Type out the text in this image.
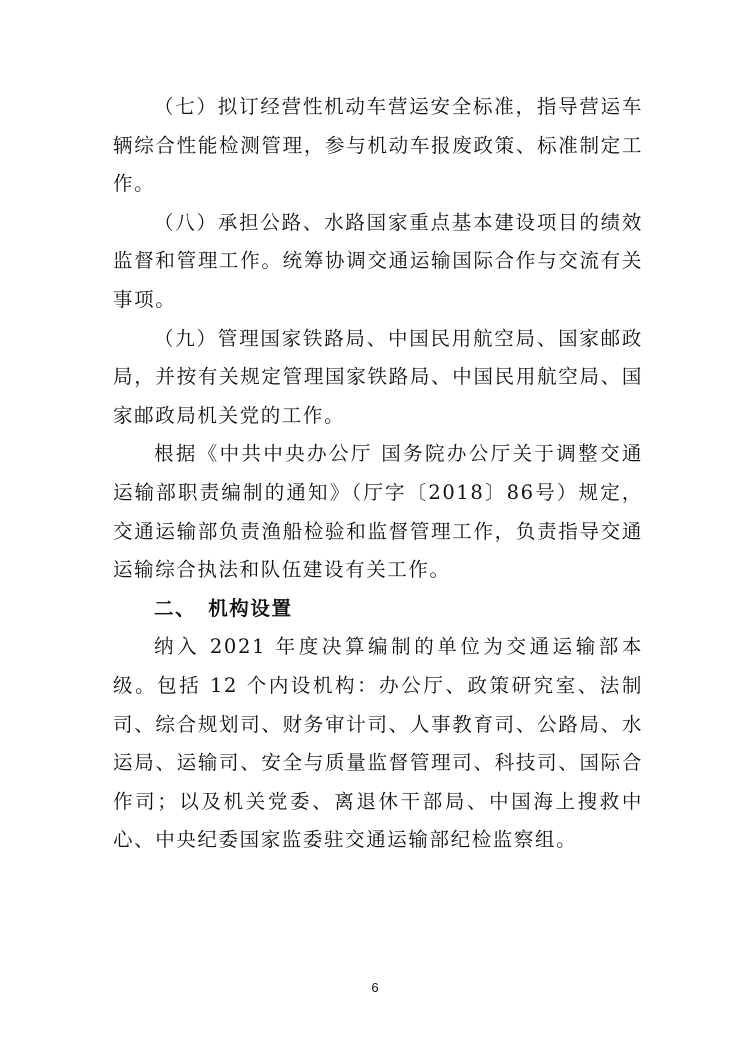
（七）拟订经营性机动车营运安全标准，指导营运车辆综合性能检测管理，参与机动车报废政策、标准制定工作。

（八）承担公路、水路国家重点基本建设项目的绩效监督和管理工作。统筹协调交通运输国际合作与交流有关事项。

（九）管理国家铁路局、中国民用航空局、国家邮政局，并按有关规定管理国家铁路局、中国民用航空局、国家邮政局机关党的工作。

根据《中共中央办公厅 国务院办公厅关于调整交通运输部职责编制的通知》（厅字〔2018〕86号）规定，交通运输部负责渔船检验和监督管理工作，负责指导交通运输综合执法和队伍建设有关工作。

二、 机构设置

纳入 2021 年度决算编制的单位为交通运输部本级。包括 12 个内设机构：办公厅、政策研究室、法制司、综合规划司、财务审计司、人事教育司、公路局、水运局、运输司、安全与质量监督管理司、科技司、国际合作司；以及机关党委、离退休干部局、中国海上搜救中心、中央纪委国家监委驻交通运输部纪检监察组。

6
